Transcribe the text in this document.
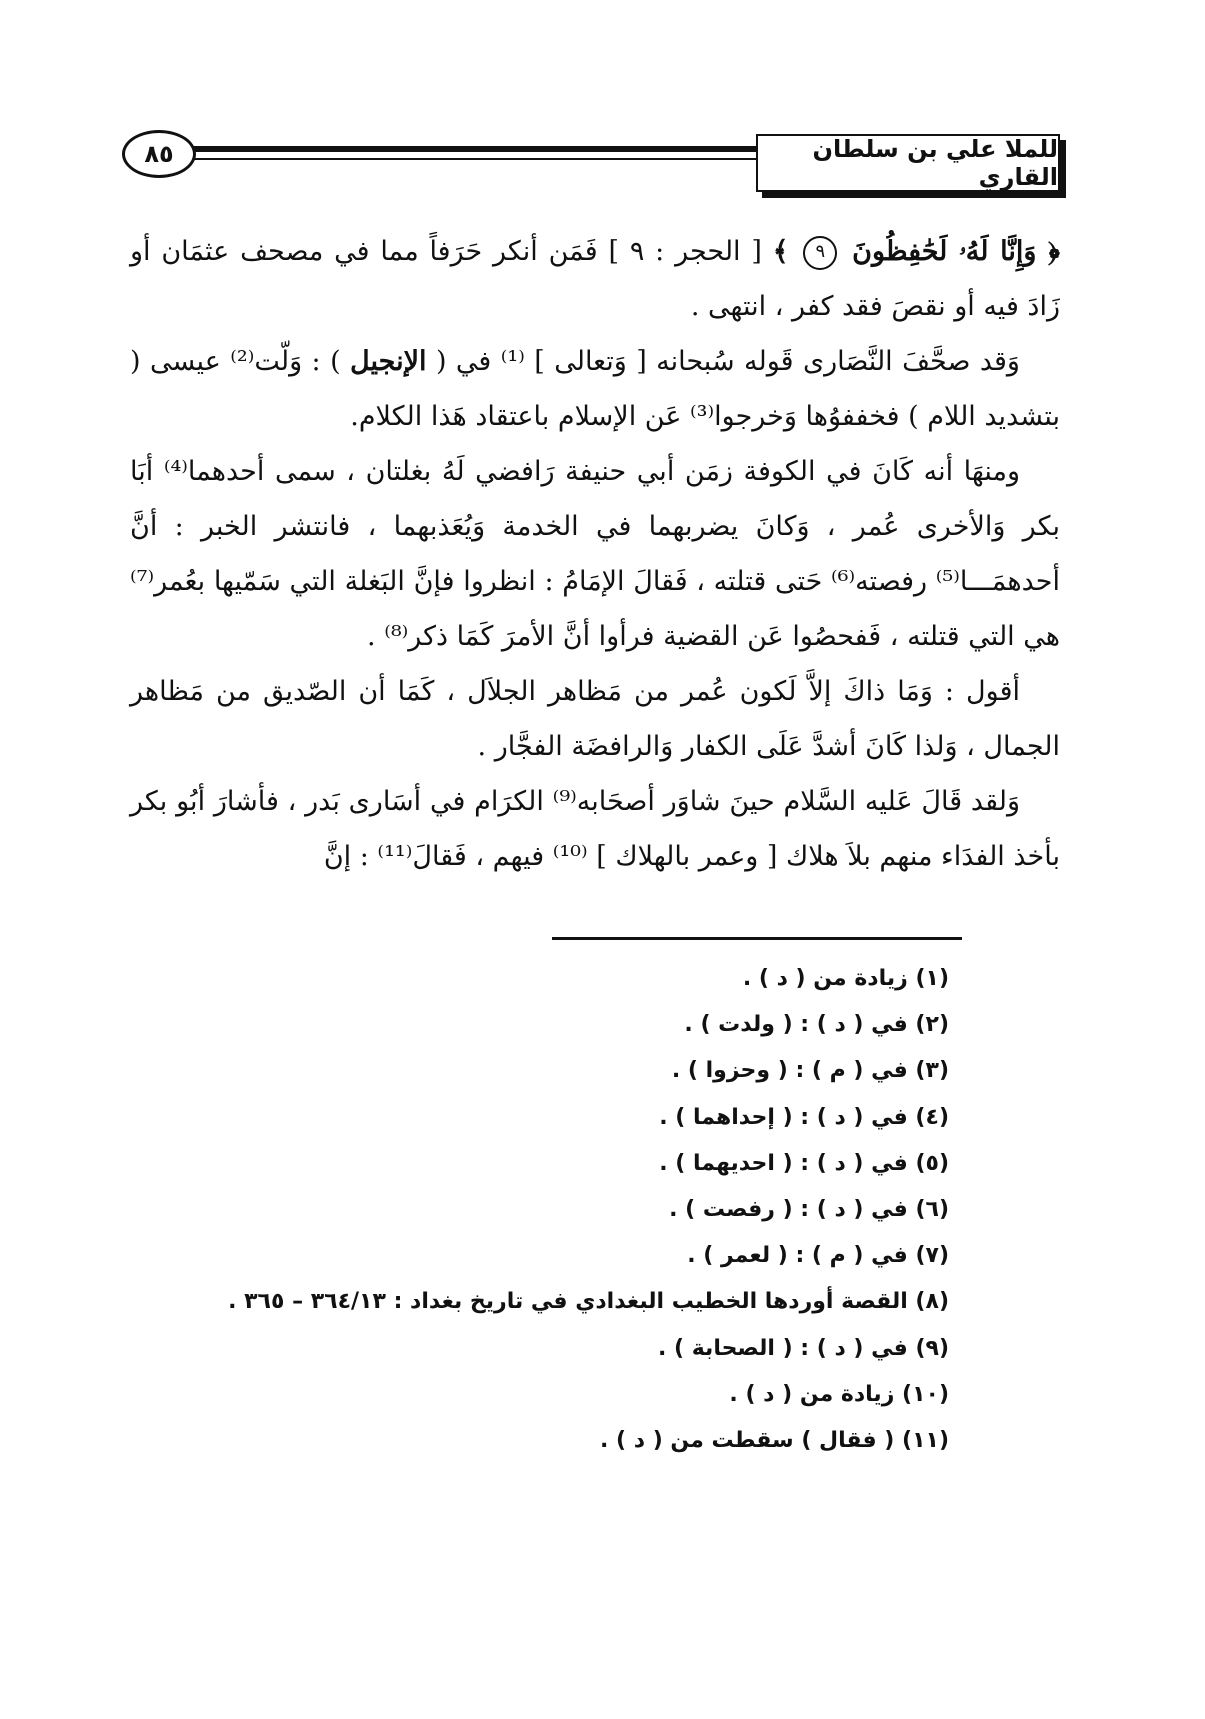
٨٥	للملا علي بن سلطان القاري

﴿ وَإِنَّا لَهُۥ لَحَٰفِظُونَ ٩ ﴾ [ الحجر : ٩ ] فَمَن أنكر حَرَفاً مما في مصحف عثمَان أو زَادَ فيه أو نقصَ فقد كفر ، انتهى .

وَقد صحَّفَ النَّصَارى قَوله سُبحانه [ وَتعالى ] ⁽¹⁾ في ( الإنجيل ) : وَلّت⁽²⁾ عيسى ( بتشديد اللام ) فخففوُها وَخرجوا⁽³⁾ عَن الإسلام باعتقاد هَذا الكلام.

ومنهَا أنه كَانَ في الكوفة زمَن أبي حنيفة رَافضي لَهُ بغلتان ، سمى أحدهما⁽⁴⁾ أبَا بكر وَالأخرى عُمر ، وَكانَ يضربهما في الخدمة وَيُعَذبهما ، فانتشر الخبر : أنَّ أحدهمَـــا⁽⁵⁾ رفصته⁽⁶⁾ حَتى قتلته ، فَقالَ الإمَامُ : انظروا فإنَّ البَغلة التي سَمّيها بعُمر⁽⁷⁾ هي التي قتلته ، فَفحصُوا عَن القضية فرأوا أنَّ الأمرَ كَمَا ذكر⁽⁸⁾ .

أقول : وَمَا ذاكَ إلاَّ لَكون عُمر من مَظاهر الجلاَل ، كَمَا أن الصّديق من مَظاهر الجمال ، وَلذا كَانَ أشدَّ عَلَى الكفار وَالرافضَة الفجَّار .

وَلقد قَالَ عَليه السَّلام حينَ شاوَر أصحَابه⁽⁹⁾ الكرَام في أسَارى بَدر ، فأشارَ أبُو بكر بأخذ الفدَاء منهم بلاَ هلاك [ وعمر بالهلاك ] ⁽¹⁰⁾ فيهم ، فَقالَ⁽¹¹⁾ : إنَّ

(١) زيادة من ( د ) .
(٢) في ( د ) : ( ولدت ) .
(٣) في ( م ) : ( وحزوا ) .
(٤) في ( د ) : ( إحداهما ) .
(٥) في ( د ) : ( احديهما ) .
(٦) في ( د ) : ( رفصت ) .
(٧) في ( م ) : ( لعمر ) .
(٨) القصة أوردها الخطيب البغدادي في تاريخ بغداد : ٣٦٤/١٣ – ٣٦٥ .
(٩) في ( د ) : ( الصحابة ) .
(١٠) زيادة من ( د ) .
(١١) ( فقال ) سقطت من ( د ) .
